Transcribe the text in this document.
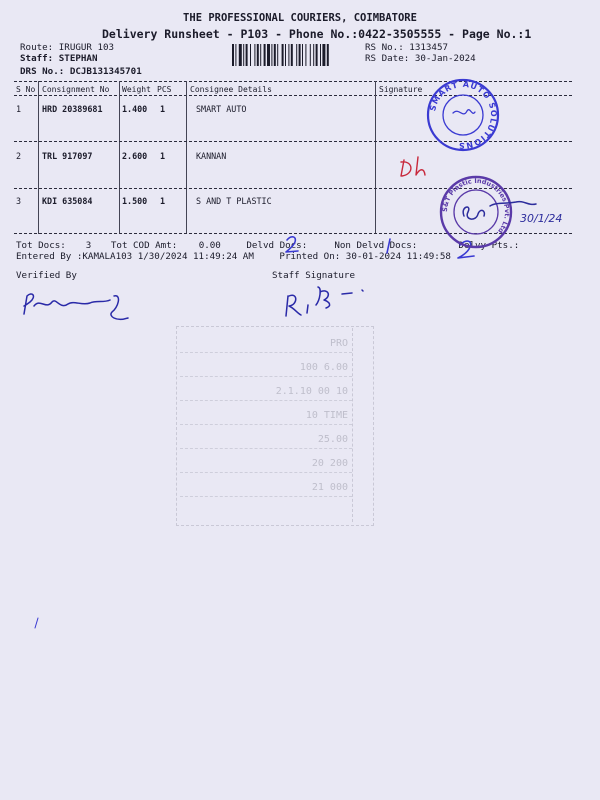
THE PROFESSIONAL COURIERS, COIMBATORE
Delivery Runsheet - P103 - Phone No.:0422-3505555 - Page No.:1
Route: IRUGUR 103
Staff: STEPHAN
DRS No.: DCJB131345701
RS No.: 1313457
RS Date: 30-Jan-2024
S No Consignment No Weight PCS Consignee Details	Signature
1 HRD 20389681 1.400 1	SMART AUTO
2 TRL 917097	2.600 1	KANNAN
3 KDI 635084	1.500 1	S AND T PLASTIC
Tot Docs: 3 Tot COD Amt: 0.00	Delvd Docs:	Non Delvd Docs:	Delvy Pts.:
Entered By :KAMALA103 1/30/2024 11:49:24 AM	Printed On: 30-01-2024 11:49:58
Verified By	Staff Signature
SMART AUTO SOLUTIONS
S&T Plastic Industries Pvt. Ltd.
30/1/24
PRO
100 6.00
2.1.10 00 10
10 TIME
25.00
20 200
21 000
